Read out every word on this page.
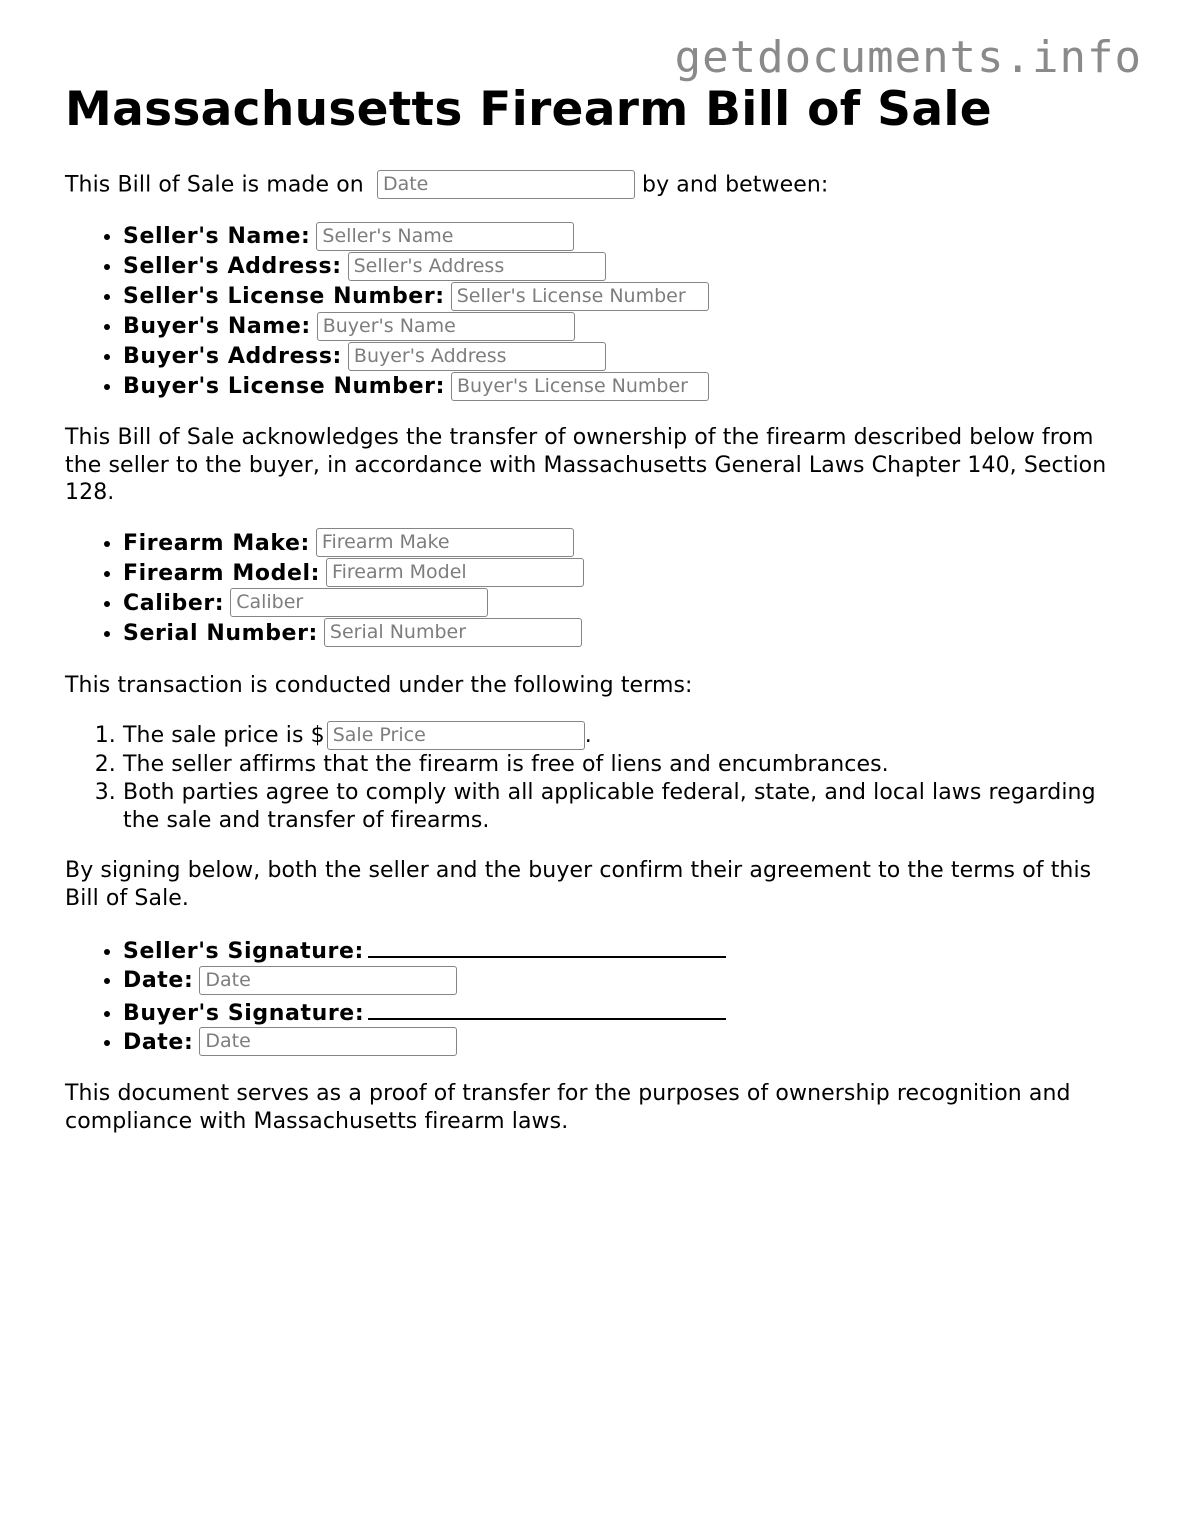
getdocuments.info
Massachusetts Firearm Bill of Sale

This Bill of Sale is made on Date	by and between:

• Seller's Name: Seller's Name
• Seller's Address: Seller's Address
• Seller's License Number: Seller's License Number
• Buyer's Name: Buyer's Name
• Buyer's Address: Buyer's Address
• Buyer's License Number: Buyer's License Number

This Bill of Sale acknowledges the transfer of ownership of the firearm described below from the seller to the buyer, in accordance with Massachusetts General Laws Chapter 140, Section 128.

• Firearm Make: Firearm Make
• Firearm Model: Firearm Model
• Caliber: Caliber
• Serial Number: Serial Number

This transaction is conducted under the following terms:

1. The sale price is $ Sale Price	.
2. The seller affirms that the firearm is free of liens and encumbrances.
3. Both parties agree to comply with all applicable federal, state, and local laws regarding the sale and transfer of firearms.

By signing below, both the seller and the buyer confirm their agreement to the terms of this Bill of Sale.

• Seller's Signature:
• Date: Date
• Buyer's Signature:
• Date: Date

This document serves as a proof of transfer for the purposes of ownership recognition and compliance with Massachusetts firearm laws.
